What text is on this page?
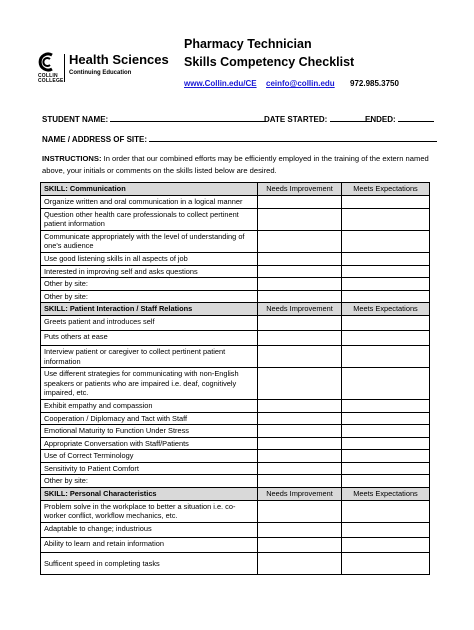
COLLIN COLLEGE
Health Sciences
Continuing Education
Pharmacy Technician
Skills Competency Checklist
www.Collin.edu/CE ceinfo@collin.edu 972.985.3750
STUDENT NAME:	DATE STARTED:	ENDED:
NAME / ADDRESS OF SITE:
INSTRUCTIONS: In order that our combined efforts may be efficiently employed in the training of the extern named above, your initials or comments on the skills listed below are desired.
SKILL: Communication	Needs Improvement	Meets Expectations
Organize written and oral communication in a logical manner		
Question other health care professionals to collect pertinent patient information		
Communicate appropriately with the level of understanding of one's audience		
Use good listening skills in all aspects of job		
Interested in improving self and asks questions		
Other by site:		
Other by site:		
SKILL: Patient Interaction / Staff Relations	Needs Improvement	Meets Expectations
Greets patient and introduces self		
Puts others at ease		
Interview patient or caregiver to collect pertinent patient information		
Use different strategies for communicating with non-English speakers or patients who are impaired i.e. deaf, cognitively impaired, etc.		
Exhibit empathy and compassion		
Cooperation / Diplomacy and Tact with Staff		
Emotional Maturity to Function Under Stress		
Appropriate Conversation with Staff/Patients		
Use of Correct Terminology		
Sensitivity to Patient Comfort		
Other by site:		
SKILL: Personal Characteristics	Needs Improvement	Meets Expectations
Problem solve in the workplace to better a situation i.e. co-worker conflict, workflow mechanics, etc.		
Adaptable to change; industrious		
Ability to learn and retain information		
Sufficent speed in completing tasks		
